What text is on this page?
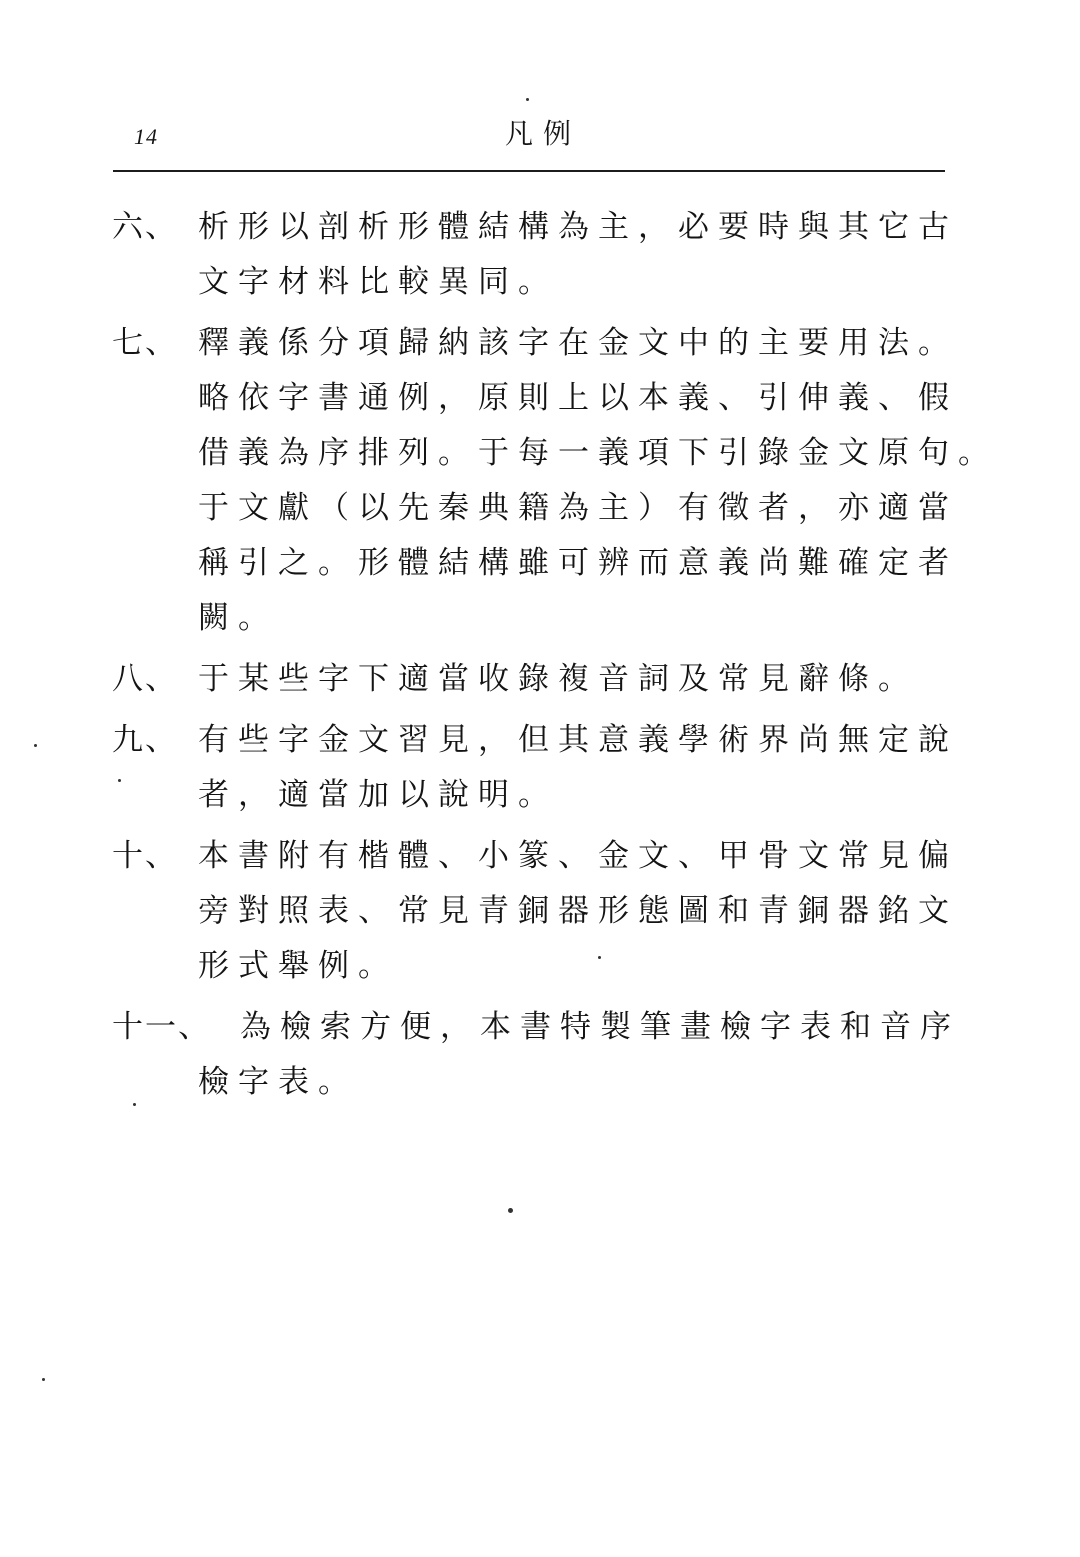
14	凡例
六、 析形以剖析形體結構為主，必要時與其它古
文字材料比較異同。
七、 釋義係分項歸納該字在金文中的主要用法。
略依字書通例，原則上以本義、引伸義、假
借義為序排列。于每一義項下引錄金文原句。
于文獻（以先秦典籍為主）有徵者，亦適當
稱引之。形體結構雖可辨而意義尚難確定者
闕。
八、 于某些字下適當收錄複音詞及常見辭條。
九、 有些字金文習見，但其意義學術界尚無定說
者，適當加以說明。
十、 本書附有楷體、小篆、金文、甲骨文常見偏
旁對照表、常見青銅器形態圖和青銅器銘文
形式舉例。
十一、 為檢索方便，本書特製筆畫檢字表和音序
檢字表。
